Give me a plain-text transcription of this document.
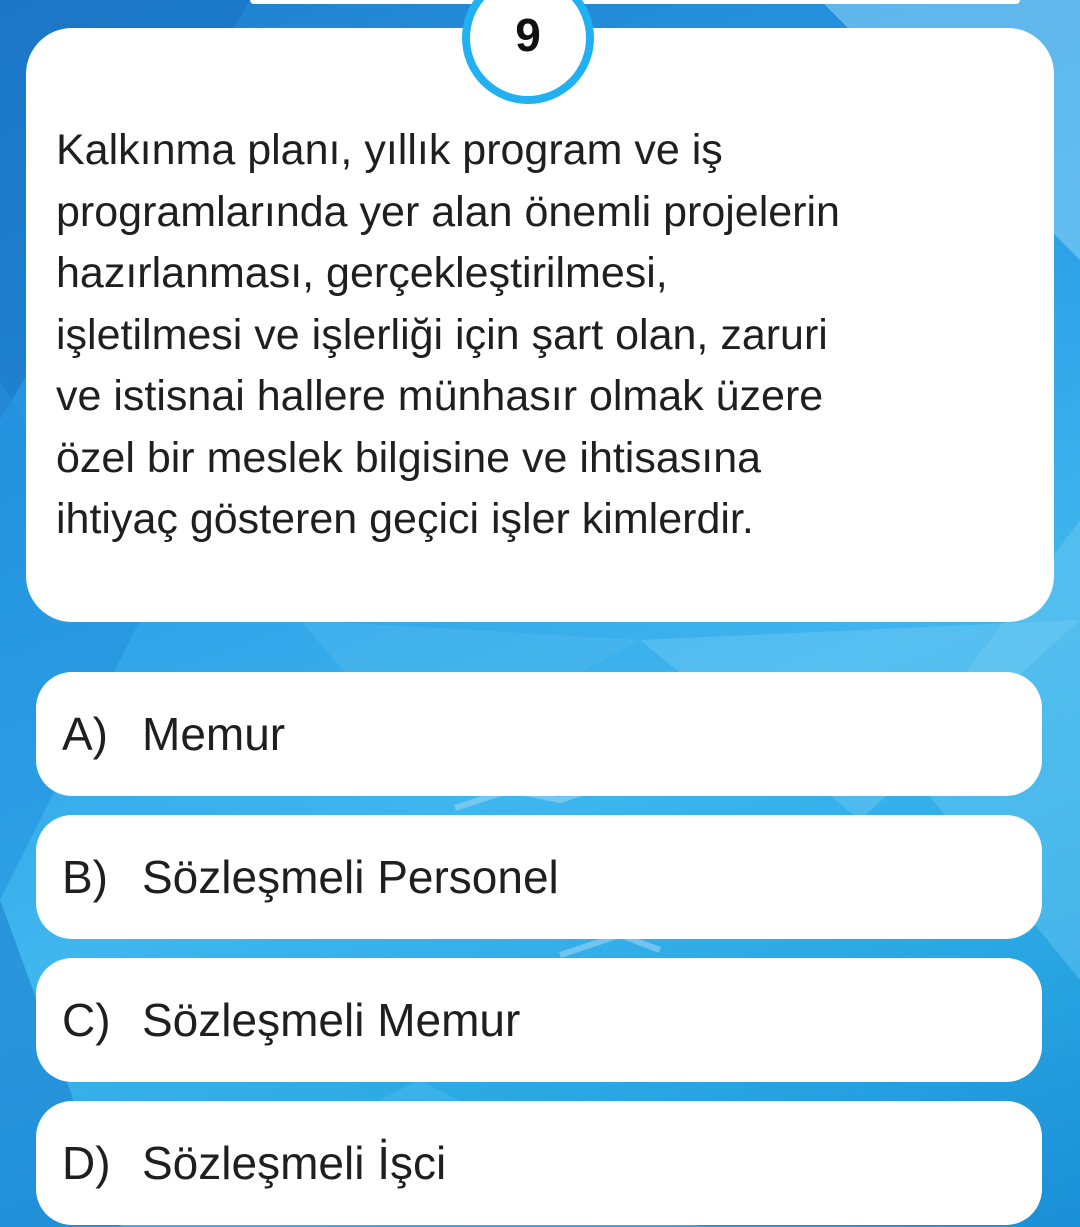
Kalkınma planı, yıllık program ve iş
programlarında yer alan önemli projelerin
hazırlanması, gerçekleştirilmesi,
işletilmesi ve işlerliği için şart olan, zaruri
ve istisnai hallere münhasır olmak üzere
özel bir meslek bilgisine ve ihtisasına
ihtiyaç gösteren geçici işler kimlerdir.

9
A) Memur
B) Sözleşmeli Personel
C) Sözleşmeli Memur
D) Sözleşmeli İşci
